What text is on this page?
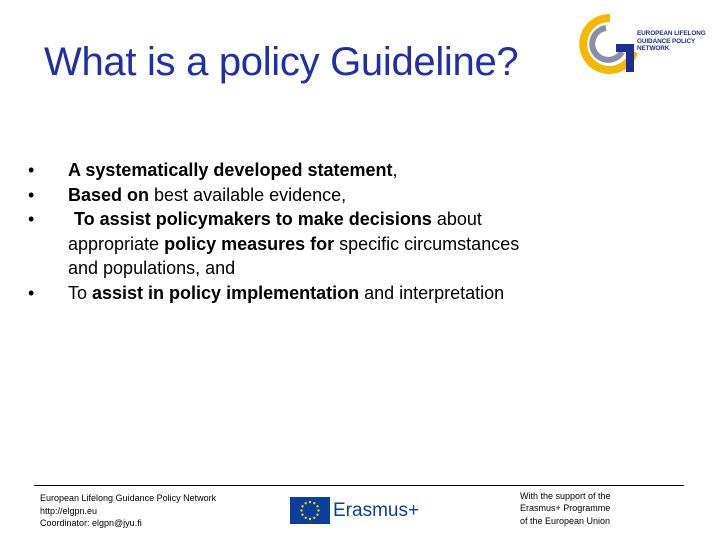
What is a policy Guideline?
EUROPEAN LIFELONG
GUIDANCE POLICY
NETWORK
• A systematically developed statement,
• Based on best available evidence,
• To assist policymakers to make decisions about appropriate policy measures for specific circumstances and populations, and
• To assist in policy implementation and interpretation
European Lifelong Guidance Policy Network
http://elgpn.eu
Coordinator: elgpn@jyu.fi
Erasmus+
With the support of the
Erasmus+ Programme
of the European Union
